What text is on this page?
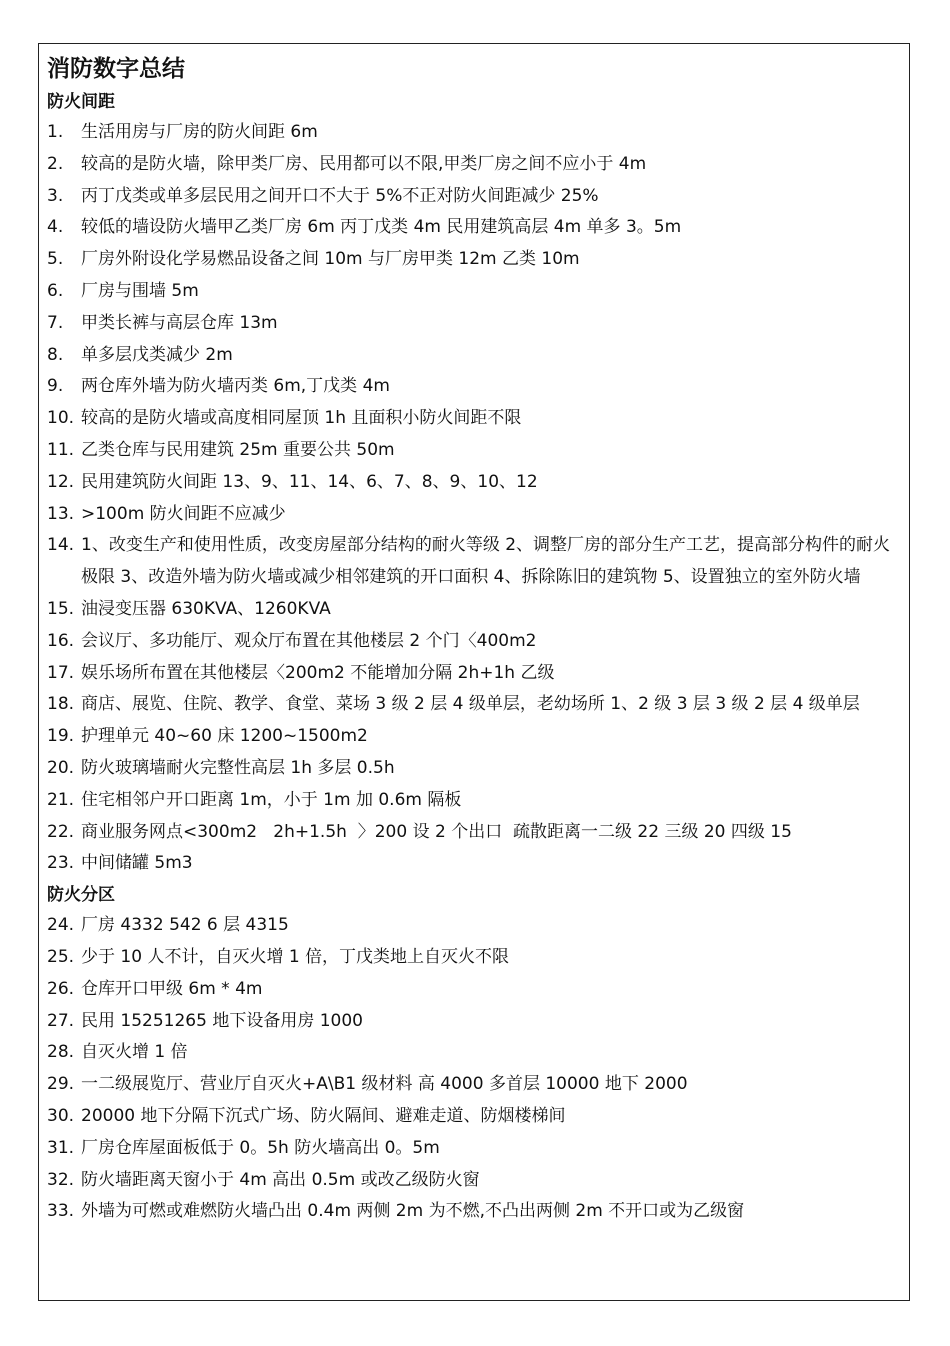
消防数字总结
防火间距
1.	生活用房与厂房的防火间距 6m
2.	较高的是防火墙，除甲类厂房、民用都可以不限,甲类厂房之间不应小于 4m
3.	丙丁戊类或单多层民用之间开口不大于 5%不正对防火间距减少 25%
4.	较低的墙设防火墙甲乙类厂房 6m 丙丁戊类 4m 民用建筑高层 4m 单多 3。5m
5.	厂房外附设化学易燃品设备之间 10m 与厂房甲类 12m 乙类 10m
6.	厂房与围墙 5m
7.	甲类长裤与高层仓库 13m
8.	单多层戊类减少 2m
9.	两仓库外墙为防火墙丙类 6m,丁戊类 4m
10. 较高的是防火墙或高度相同屋顶 1h 且面积小防火间距不限
11. 乙类仓库与民用建筑 25m 重要公共 50m
12. 民用建筑防火间距 13、9、11、14、6、7、8、9、10、12
13. >100m 防火间距不应减少
14. 1、改变生产和使用性质，改变房屋部分结构的耐火等级 2、调整厂房的部分生产工艺，提高部分构件的耐火极限 3、改造外墙为防火墙或减少相邻建筑的开口面积 4、拆除陈旧的建筑物 5、设置独立的室外防火墙
15. 油浸变压器 630KVA、1260KVA
16. 会议厅、多功能厅、观众厅布置在其他楼层 2 个门〈400m2
17. 娱乐场所布置在其他楼层〈200m2 不能增加分隔 2h+1h 乙级
18. 商店、展览、住院、教学、食堂、菜场 3 级 2 层 4 级单层，老幼场所 1、2 级 3 层 3 级 2 层 4 级单层
19. 护理单元 40~60 床 1200~1500m2
20. 防火玻璃墙耐火完整性高层 1h 多层 0.5h
21. 住宅相邻户开口距离 1m，小于 1m 加 0.6m 隔板
22. 商业服务网点<300m2   2h+1.5h  〉200 设 2 个出口  疏散距离一二级 22 三级 20 四级 15
23. 中间储罐 5m3
防火分区
24. 厂房 4332 542 6 层 4315
25. 少于 10 人不计，自灭火增 1 倍，丁戊类地上自灭火不限
26. 仓库开口甲级 6m * 4m
27. 民用 15251265 地下设备用房 1000
28. 自灭火增 1 倍
29. 一二级展览厅、营业厅自灭火+A\B1 级材料 高 4000 多首层 10000 地下 2000
30. 20000 地下分隔下沉式广场、防火隔间、避难走道、防烟楼梯间
31. 厂房仓库屋面板低于 0。5h 防火墙高出 0。5m
32. 防火墙距离天窗小于 4m 高出 0.5m 或改乙级防火窗
33. 外墙为可燃或难燃防火墙凸出 0.4m 两侧 2m 为不燃,不凸出两侧 2m 不开口或为乙级窗
